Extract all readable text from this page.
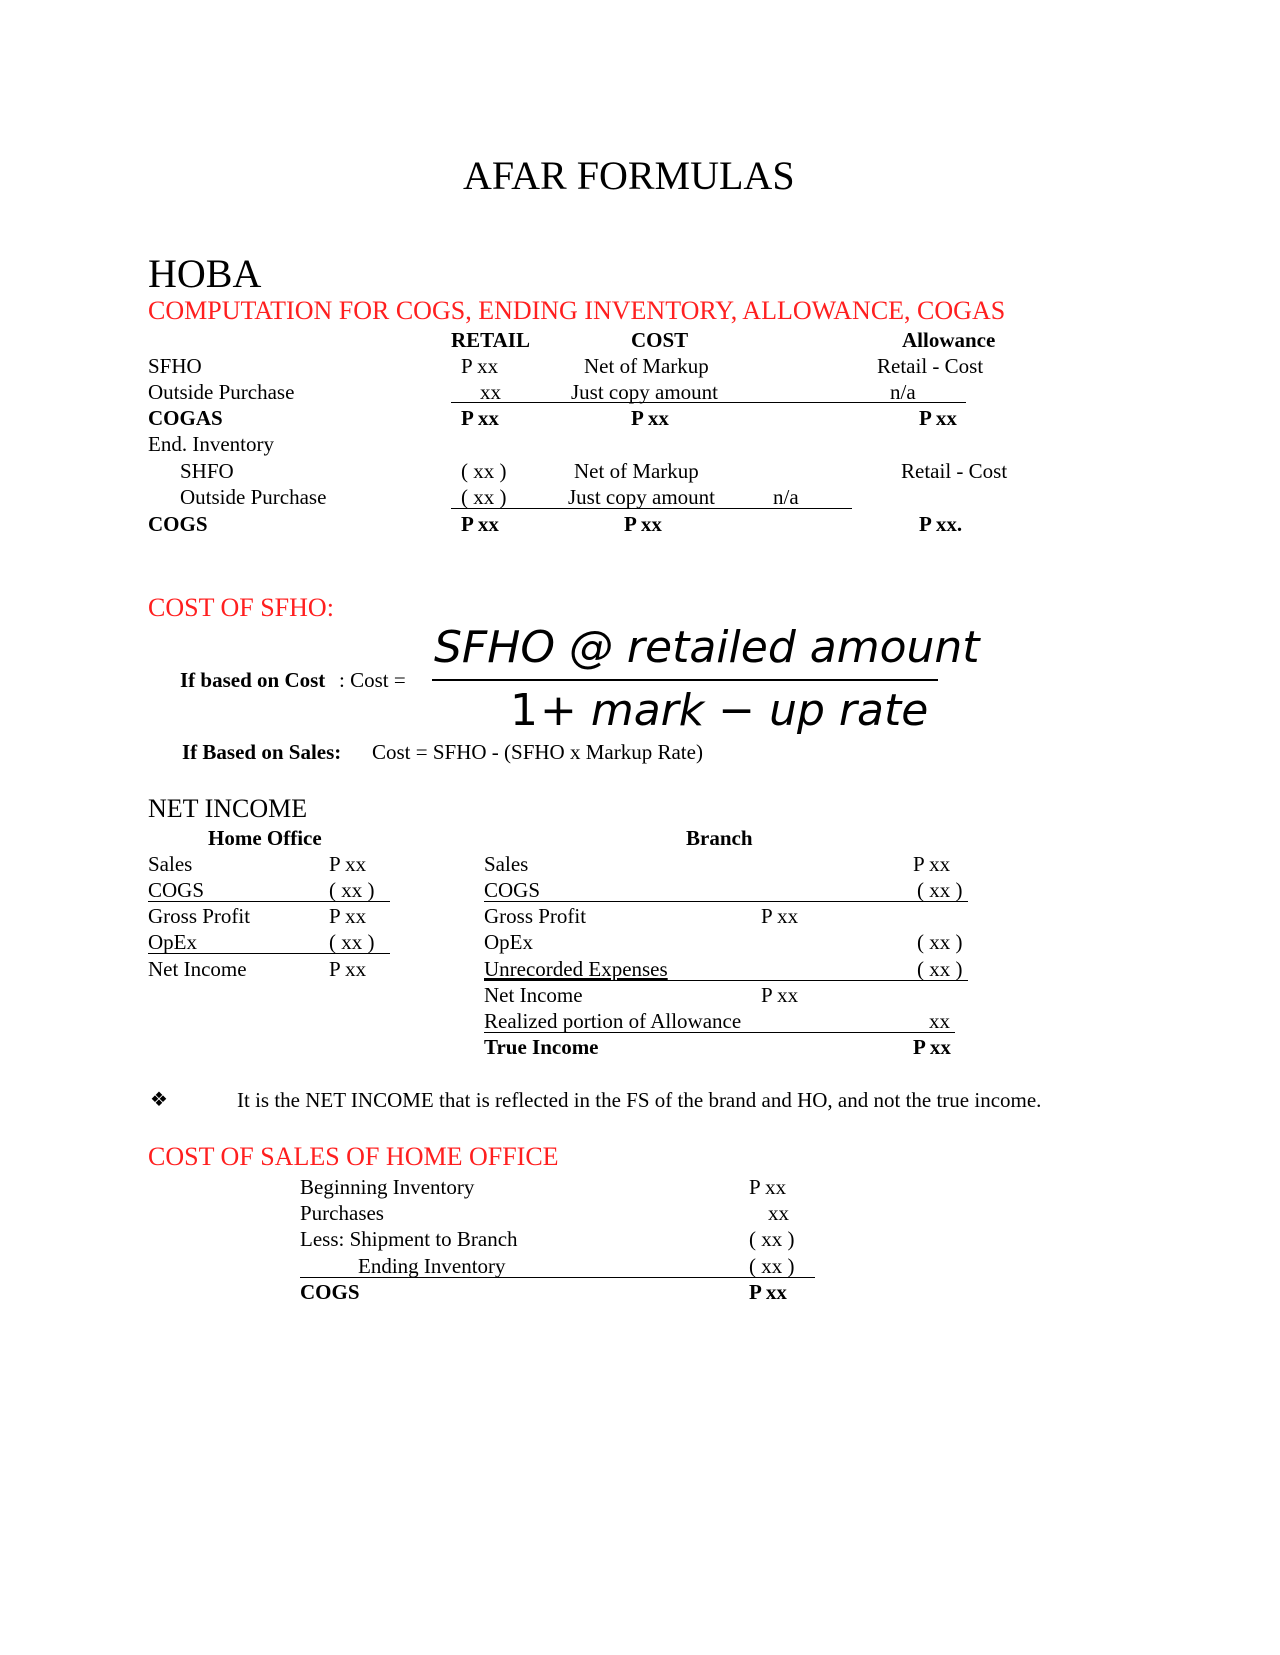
AFAR FORMULAS
HOBA
COMPUTATION FOR COGS, ENDING INVENTORY, ALLOWANCE, COGAS
RETAIL	COST	Allowance
SFHO	P xx	Net of Markup	Retail - Cost
Outside Purchase	xx	Just copy amount	n/a
COGAS	P xx	P xx	P xx
End. Inventory
SHFO	( xx )	Net of Markup	Retail - Cost
Outside Purchase	( xx )	Just copy amount	n/a
COGS	P xx	P xx	P xx.
COST OF SFHO:
If based on Cost : Cost =
SFHO @ retailed amount
1 + mark − up rate
If Based on Sales: Cost = SFHO - (SFHO x Markup Rate)
NET INCOME
Home Office	Branch
Sales	P xx
COGS	( xx )
Gross Profit	P xx
OpEx	( xx )
Net Income	P xx
Sales	P xx
COGS	( xx )
Gross Profit	P xx
OpEx	( xx )
Unrecorded Expenses	( xx )
Net Income	P xx
Realized portion of Allowance	xx
True Income	P xx
❖	It is the NET INCOME that is reflected in the FS of the brand and HO, and not the true income.
COST OF SALES OF HOME OFFICE
Beginning Inventory	P xx
Purchases	xx
Less: Shipment to Branch	( xx )
Ending Inventory	( xx )
COGS	P xx
